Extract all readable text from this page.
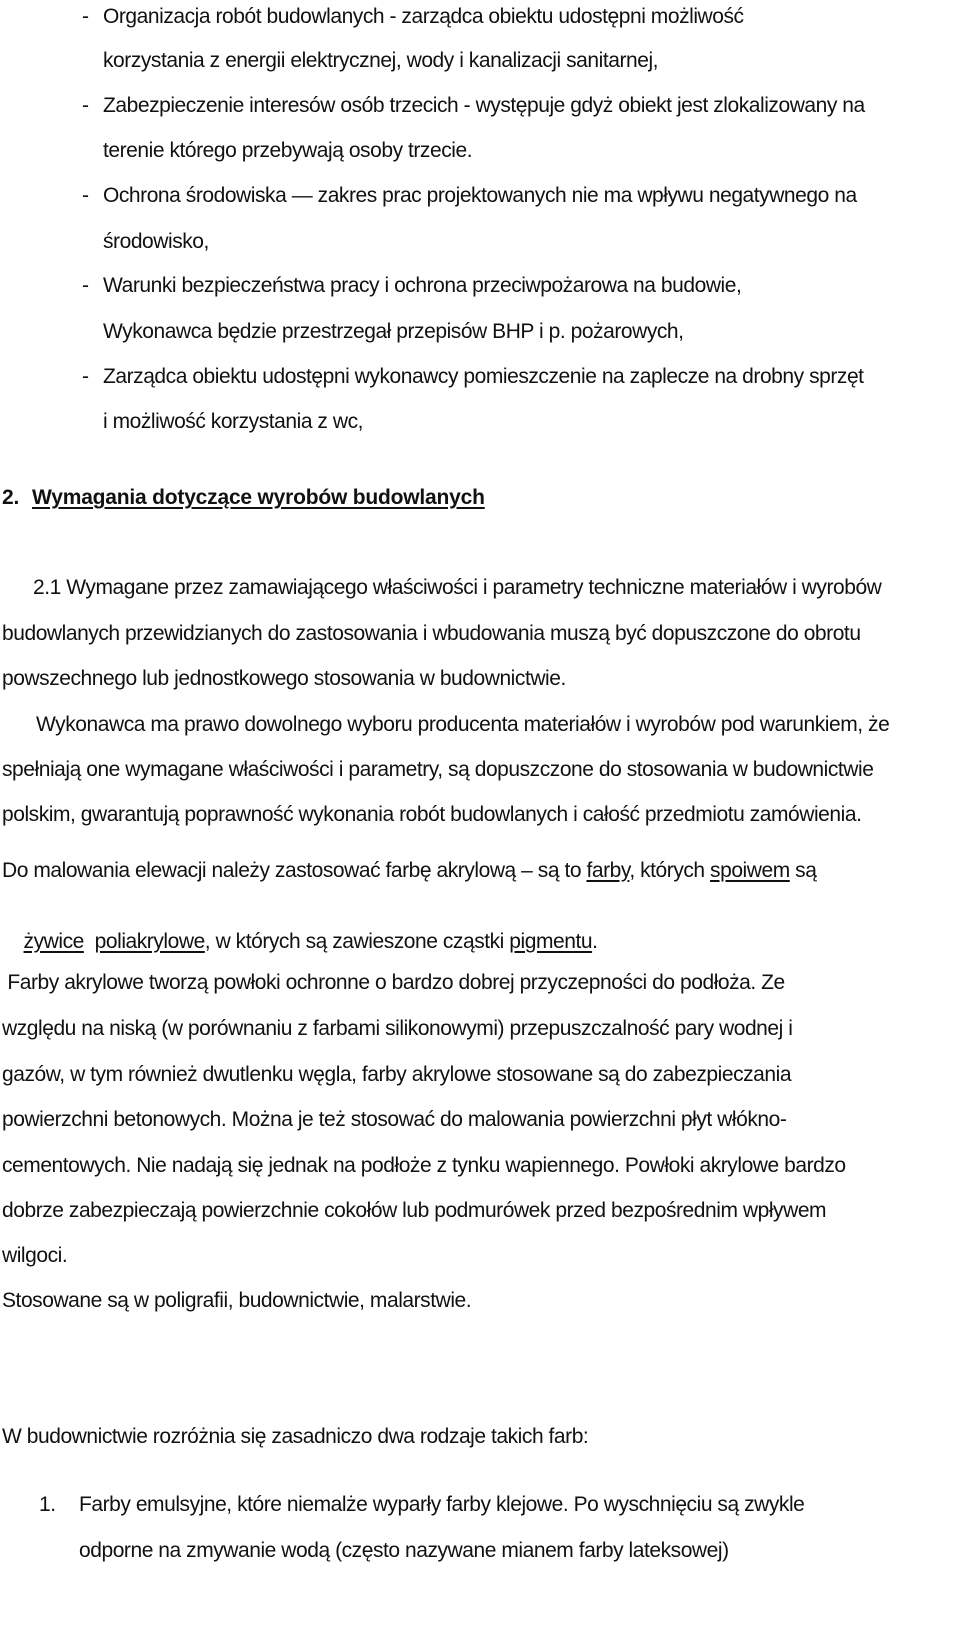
- Organizacja robót budowlanych - zarządca obiektu udostępni możliwość
korzystania z energii elektrycznej, wody i kanalizacji sanitarnej,
- Zabezpieczenie interesów osób trzecich - występuje gdyż obiekt jest zlokalizowany na
terenie którego przebywają osoby trzecie.
- Ochrona środowiska — zakres prac projektowanych nie ma wpływu negatywnego na
środowisko,
- Warunki bezpieczeństwa pracy i ochrona przeciwpożarowa na budowie,
Wykonawca będzie przestrzegał przepisów BHP i p. pożarowych,
- Zarządca obiektu udostępni wykonawcy pomieszczenie na zaplecze na drobny sprzęt
i możliwość korzystania z wc,
2. Wymagania dotyczące wyrobów budowlanych
2.1 Wymagane przez zamawiającego właściwości i parametry techniczne materiałów i wyrobów
budowlanych przewidzianych do zastosowania i wbudowania muszą być dopuszczone do obrotu
powszechnego lub jednostkowego stosowania w budownictwie.
Wykonawca ma prawo dowolnego wyboru producenta materiałów i wyrobów pod warunkiem, że
spełniają one wymagane właściwości i parametry, są dopuszczone do stosowania w budownictwie
polskim, gwarantują poprawność wykonania robót budowlanych i całość przedmiotu zamówienia.
Do malowania elewacji należy zastosować farbę akrylową – są to farby, których spoiwem są

żywice poliakrylowe, w których są zawieszone cząstki pigmentu.

Farby akrylowe tworzą powłoki ochronne o bardzo dobrej przyczepności do podłoża. Ze
względu na niską (w porównaniu z farbami silikonowymi) przepuszczalność pary wodnej i
gazów, w tym również dwutlenku węgla, farby akrylowe stosowane są do zabezpieczania
powierzchni betonowych. Można je też stosować do malowania powierzchni płyt włókno-
cementowych. Nie nadają się jednak na podłoże z tynku wapiennego. Powłoki akrylowe bardzo
dobrze zabezpieczają powierzchnie cokołów lub podmurówek przed bezpośrednim wpływem
wilgoci.
Stosowane są w poligrafii, budownictwie, malarstwie.
W budownictwie rozróżnia się zasadniczo dwa rodzaje takich farb:
1. Farby emulsyjne, które niemalże wyparły farby klejowe. Po wyschnięciu są zwykle
odporne na zmywanie wodą (często nazywane mianem farby lateksowej)
